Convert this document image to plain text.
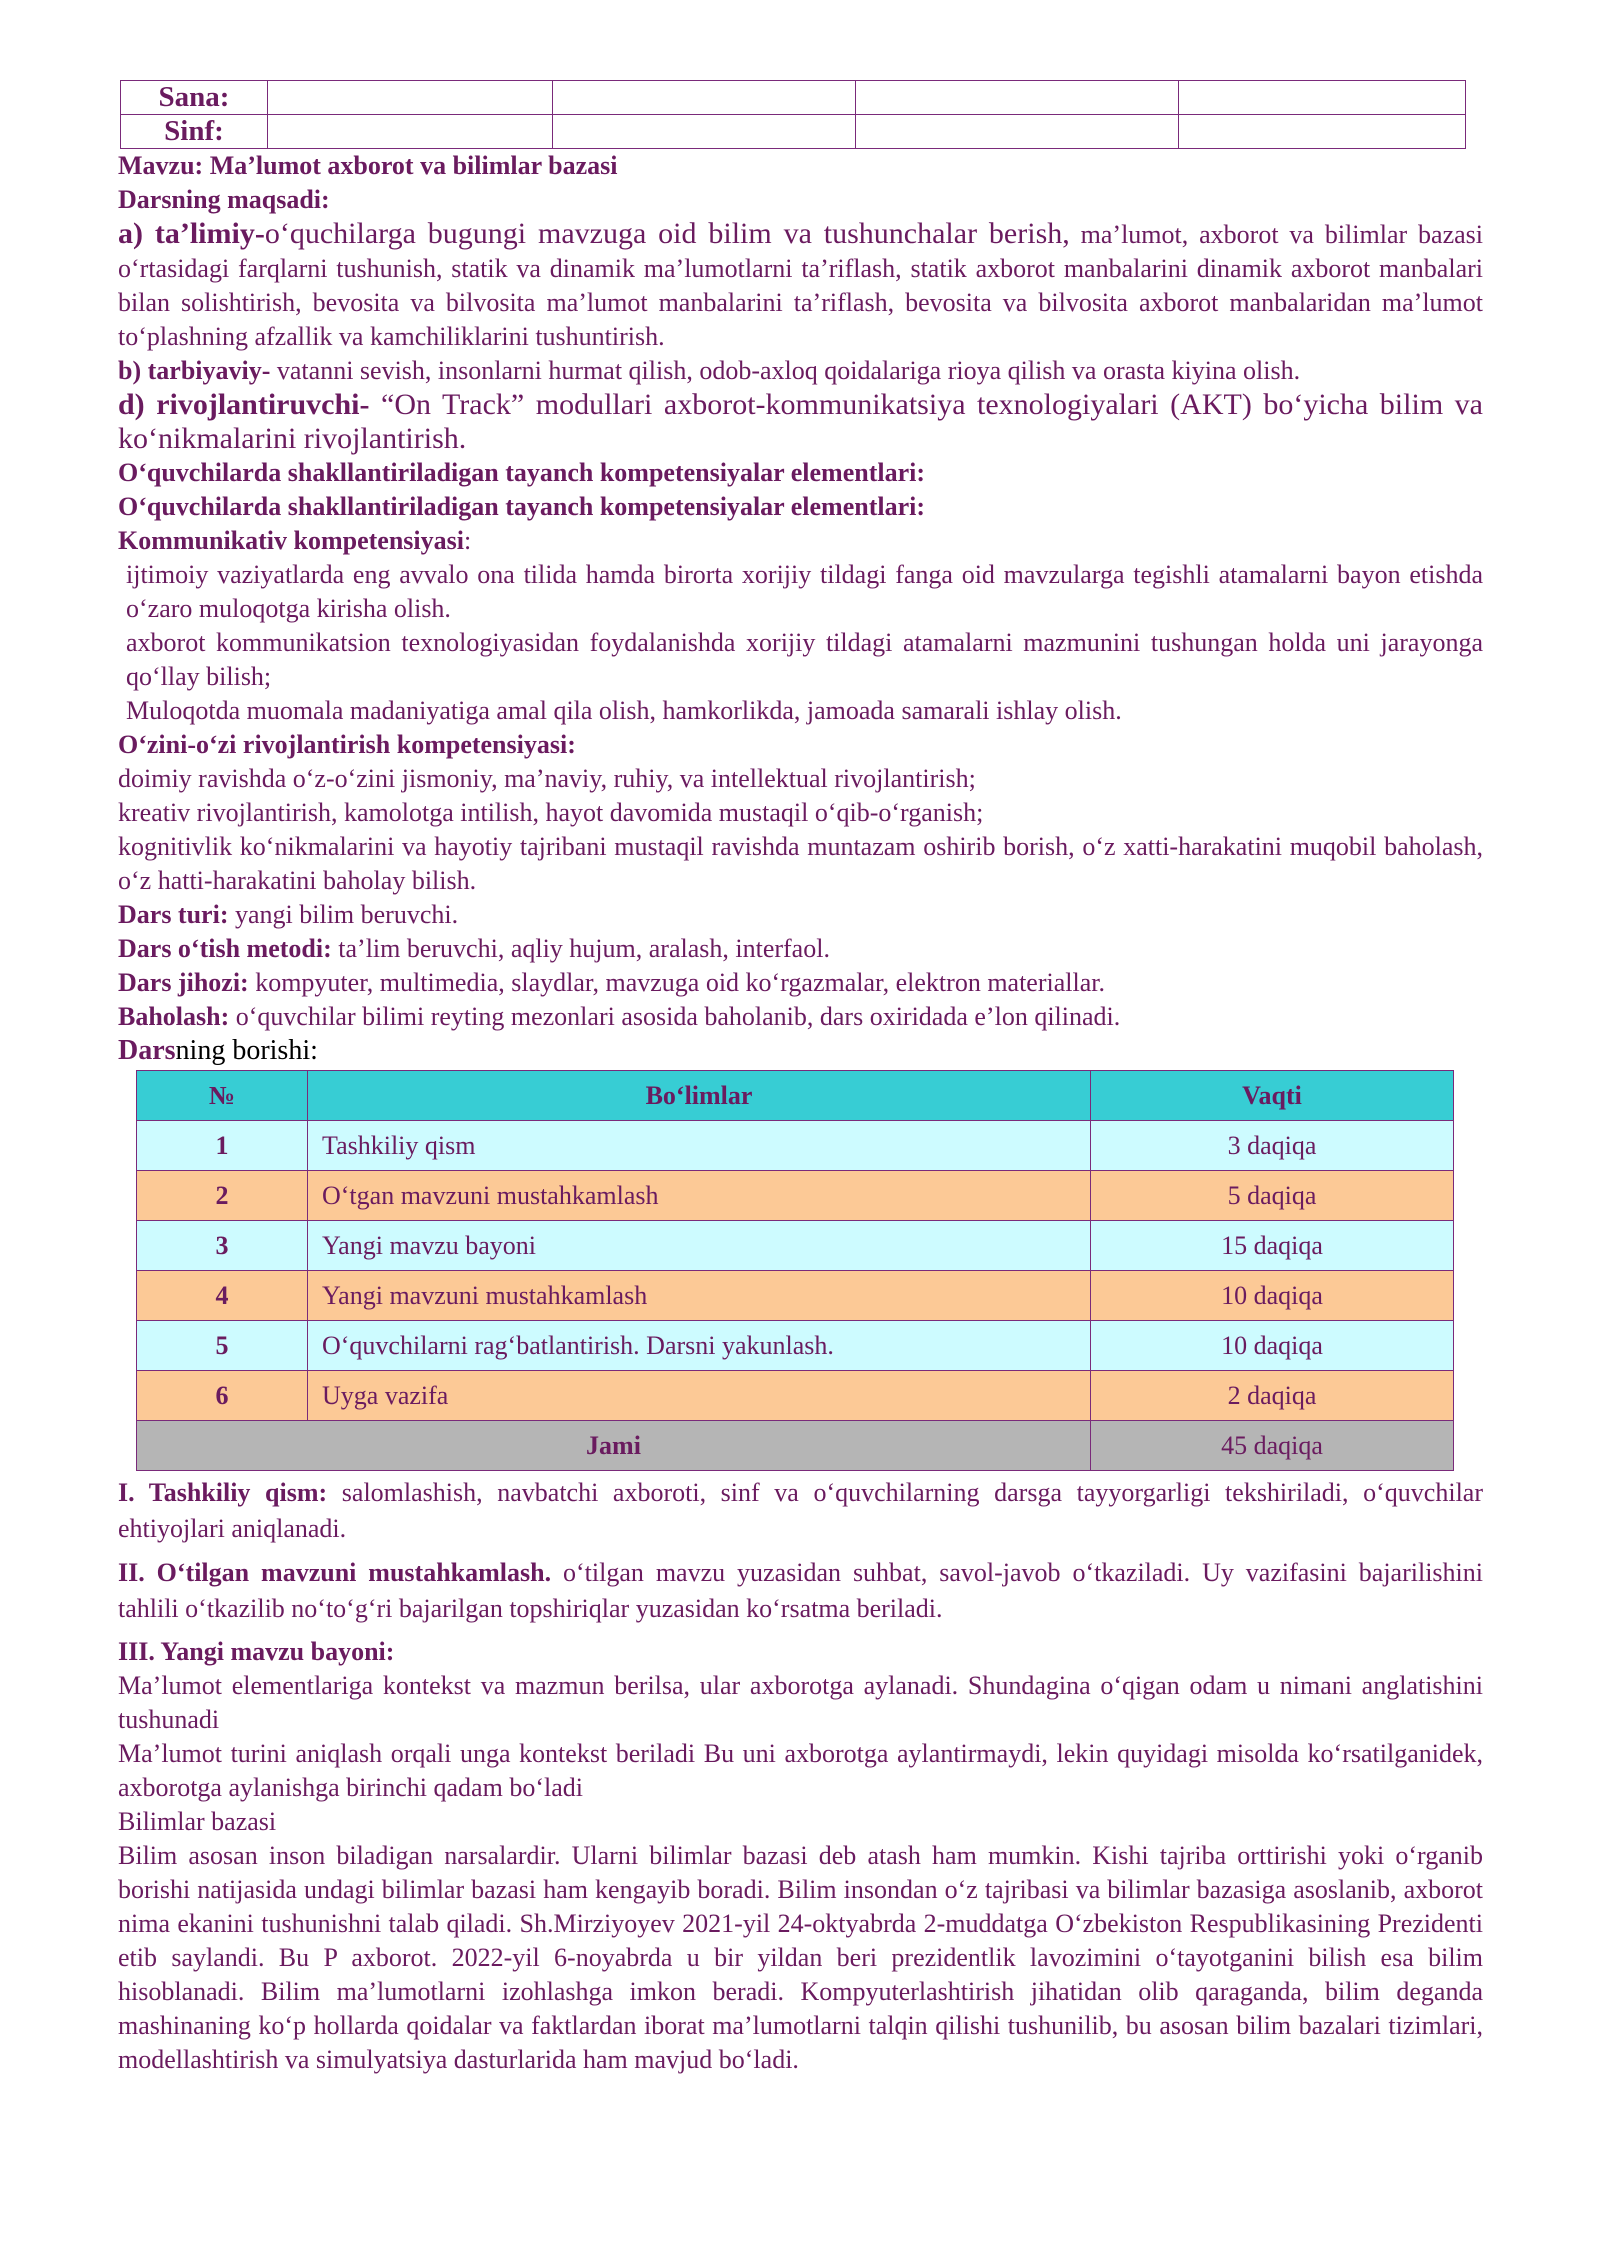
Sana:				
Sinf:				

Mavzu: Ma’lumot axborot va bilimlar bazasi

Darsning maqsadi:

a) ta’limiy-o‘quchilarga bugungi mavzuga oid bilim va tushunchalar berish, ma’lumot, axborot va bilimlar bazasi o‘rtasidagi farqlarni tushunish, statik va dinamik ma’lumotlarni ta’riflash, statik axborot manbalarini dinamik axborot manbalari bilan solishtirish, bevosita va bilvosita ma’lumot manbalarini ta’riflash, bevosita va bilvosita axborot manbalaridan ma’lumot to‘plashning afzallik va kamchiliklarini tushuntirish.

b) tarbiyaviy- vatanni sevish, insonlarni hurmat qilish, odob-axloq qoidalariga rioya qilish va orasta kiyina olish.

d) rivojlantiruvchi- “On Track” modullari axborot-kommunikatsiya texnologiyalari (AKT) bo‘yicha bilim va ko‘nikmalarini rivojlantirish.

O‘quvchilarda shakllantiriladigan tayanch kompetensiyalar elementlari:

O‘quvchilarda shakllantiriladigan tayanch kompetensiyalar elementlari:

Kommunikativ kompetensiyasi:

ijtimoiy vaziyatlarda eng avvalo ona tilida hamda birorta xorijiy tildagi fanga oid mavzularga tegishli atamalarni bayon etishda o‘zaro muloqotga kirisha olish.

axborot kommunikatsion texnologiyasidan foydalanishda xorijiy tildagi atamalarni mazmunini tushungan holda uni jarayonga qo‘llay bilish;

Muloqotda muomala madaniyatiga amal qila olish, hamkorlikda, jamoada samarali ishlay olish.

O‘zini-o‘zi rivojlantirish kompetensiyasi:

doimiy ravishda o‘z-o‘zini jismoniy, ma’naviy, ruhiy, va intellektual rivojlantirish;

kreativ rivojlantirish, kamolotga intilish, hayot davomida mustaqil o‘qib-o‘rganish;

kognitivlik ko‘nikmalarini va hayotiy tajribani mustaqil ravishda muntazam oshirib borish, o‘z xatti-harakatini muqobil baholash, o‘z hatti-harakatini baholay bilish.

Dars turi: yangi bilim beruvchi.

Dars o‘tish metodi: ta’lim beruvchi, aqliy hujum, aralash, interfaol.

Dars jihozi: kompyuter, multimedia, slaydlar, mavzuga oid ko‘rgazmalar, elektron materiallar.

Baholash: o‘quvchilar bilimi reyting mezonlari asosida baholanib, dars oxiridada e’lon qilinadi.

Darsning borishi:

№	Bo‘limlar	Vaqti
1	Tashkiliy qism	3 daqiqa
2	O‘tgan mavzuni mustahkamlash	5 daqiqa
3	Yangi mavzu bayoni	15 daqiqa
4	Yangi mavzuni mustahkamlash	10 daqiqa
5	O‘quvchilarni rag‘batlantirish. Darsni yakunlash.	10 daqiqa
6	Uyga vazifa	2 daqiqa
Jami		45 daqiqa

I. Tashkiliy qism: salomlashish, navbatchi axboroti, sinf va o‘quvchilarning darsga tayyorgarligi tekshiriladi, o‘quvchilar ehtiyojlari aniqlanadi.

II. O‘tilgan mavzuni mustahkamlash. o‘tilgan mavzu yuzasidan suhbat, savol-javob o‘tkaziladi. Uy vazifasini bajarilishini tahlili o‘tkazilib no‘to‘g‘ri bajarilgan topshiriqlar yuzasidan ko‘rsatma beriladi.

III. Yangi mavzu bayoni:

Ma’lumot elementlariga kontekst va mazmun berilsa, ular axborotga aylanadi. Shundagina o‘qigan odam u nimani anglatishini tushunadi

Ma’lumot turini aniqlash orqali unga kontekst beriladi Bu uni axborotga aylantirmaydi, lekin quyidagi misolda ko‘rsatilganidek, axborotga aylanishga birinchi qadam bo‘ladi

Bilimlar bazasi

Bilim asosan inson biladigan narsalardir. Ularni bilimlar bazasi deb atash ham mumkin. Kishi tajriba orttirishi yoki o‘rganib borishi natijasida undagi bilimlar bazasi ham kengayib boradi. Bilim insondan o‘z tajribasi va bilimlar bazasiga asoslanib, axborot nima ekanini tushunishni talab qiladi. Sh.Mirziyoyev 2021-yil 24-oktyabrda 2-muddatga O‘zbekiston Respublikasining Prezidenti etib saylandi. Bu P axborot. 2022-yil 6-noyabrda u bir yildan beri prezidentlik lavozimini o‘tayotganini bilish esa bilim hisoblanadi. Bilim ma’lumotlarni izohlashga imkon beradi. Kompyuterlashtirish jihatidan olib qaraganda, bilim deganda mashinaning ko‘p hollarda qoidalar va faktlardan iborat ma’lumotlarni talqin qilishi tushunilib, bu asosan bilim bazalari tizimlari, modellashtirish va simulyatsiya dasturlarida ham mavjud bo‘ladi.
